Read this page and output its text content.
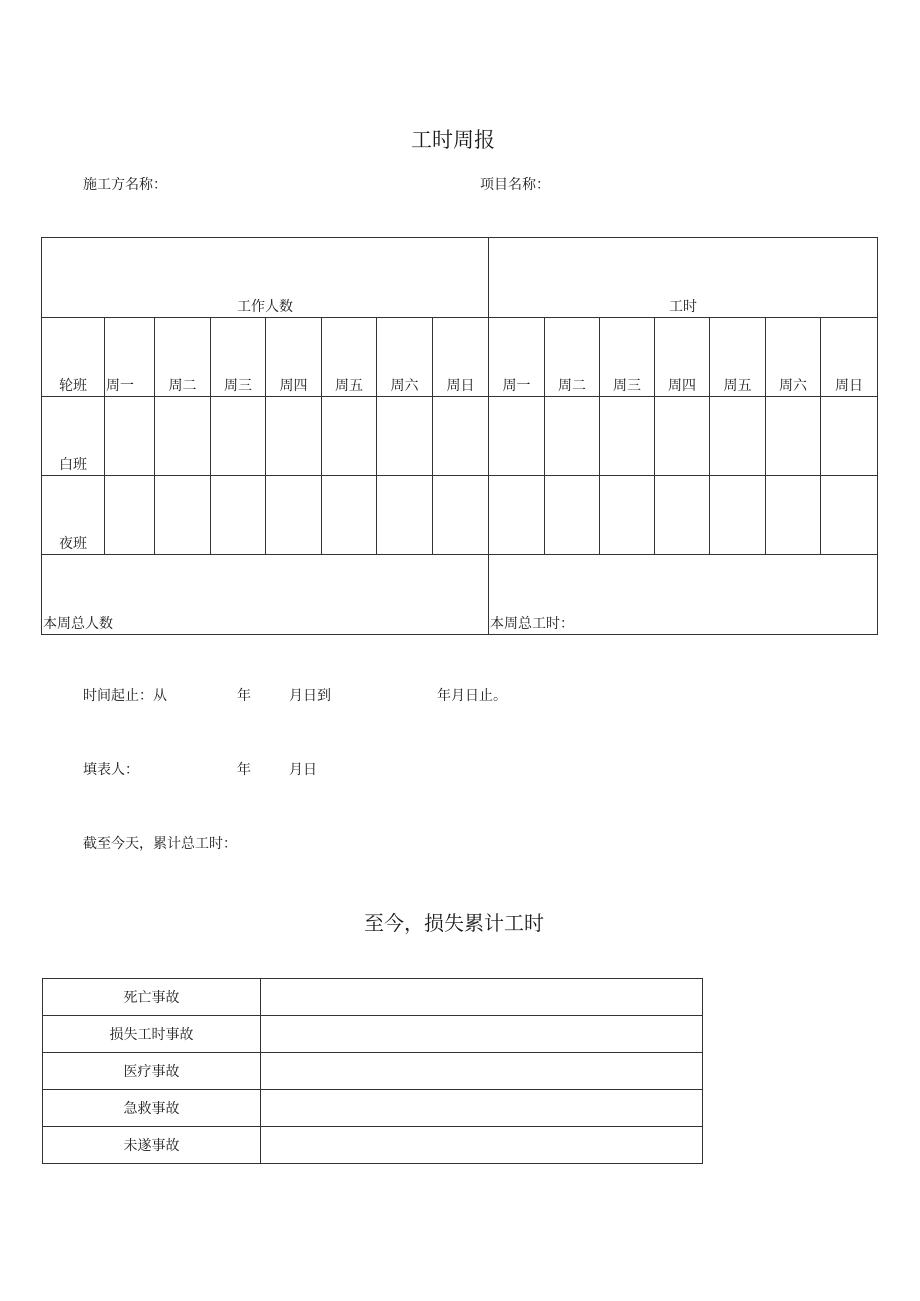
工时周报
施工方名称：	项目名称：
工作人数								工时						

轮班	周一	周二	周三	周四	周五	周六	周日	周一	周二	周三	周四	周五	周六	周日

白班														

夜班														

本周总人数								本周总工时：						
时间起止：从	年	月日到	年月日止。
填表人：	年	月日
截至今天，累计总工时：
至今，损失累计工时
死亡事故	
损失工时事故	
医疗事故	
急救事故	
未遂事故	
